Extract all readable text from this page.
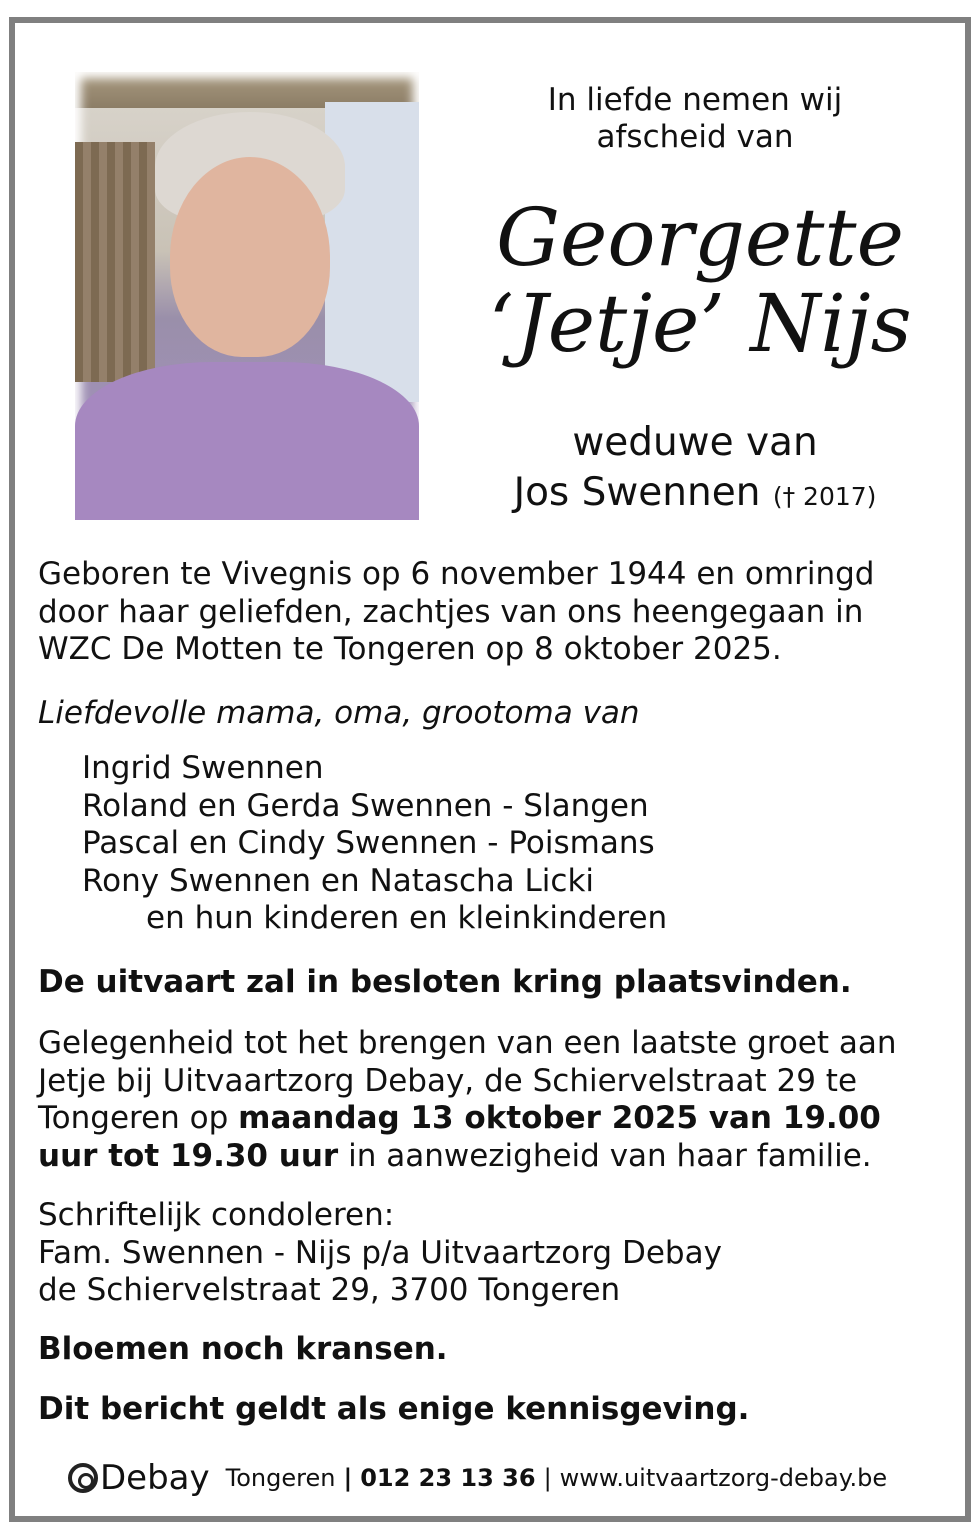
In liefde nemen wij
afscheid van
Georgette
‘Jetje’ Nijs
weduwe van
Jos Swennen († 2017)
Geboren te Vivegnis op 6 november 1944 en omringd
door haar geliefden, zachtjes van ons heengegaan in
WZC De Motten te Tongeren op 8 oktober 2025.
Liefdevolle mama, oma, grootoma van
Ingrid Swennen
Roland en Gerda Swennen - Slangen
Pascal en Cindy Swennen - Poismans
Rony Swennen en Natascha Licki
en hun kinderen en kleinkinderen
De uitvaart zal in besloten kring plaatsvinden.
Gelegenheid tot het brengen van een laatste groet aan
Jetje bij Uitvaartzorg Debay, de Schiervelstraat 29 te
Tongeren op maandag 13 oktober 2025 van 19.00
uur tot 19.30 uur in aanwezigheid van haar familie.
Schriftelijk condoleren:
Fam. Swennen - Nijs p/a Uitvaartzorg Debay
de Schiervelstraat 29, 3700 Tongeren
Bloemen noch kransen.
Dit bericht geldt als enige kennisgeving.
Debay Tongeren | 012 23 13 36 | www.uitvaartzorg-debay.be
